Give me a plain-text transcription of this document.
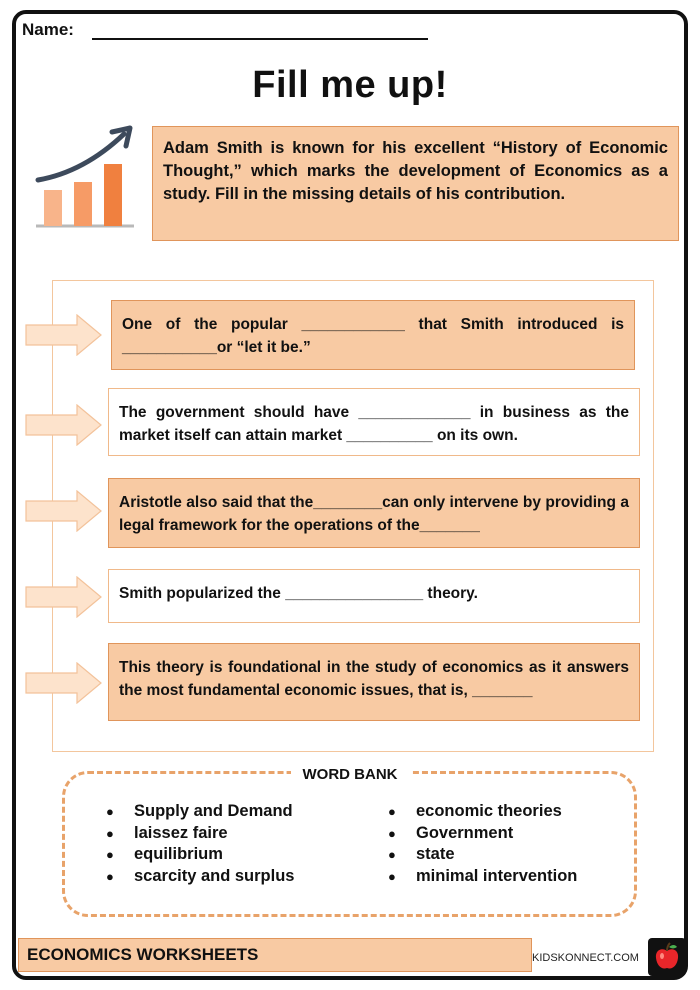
Name:
Fill me up!
Adam Smith is known for his excellent “History of Economic Thought,” which marks the development of Economics as a study. Fill in the missing details of his contribution.
One of the popular ____________ that Smith introduced is ___________or “let it be.”
The government should have _____________ in business as the market itself can attain market __________ on its own.
Aristotle also said that the________can only intervene by providing a legal framework for the operations of the_______
Smith popularized the ________________ theory.
This theory is foundational in the study of economics as it answers the most fundamental economic issues, that is, _______
WORD BANK
● Supply and Demand
● laissez faire
● equilibrium
● scarcity and surplus
● economic theories
● Government
● state
● minimal intervention
ECONOMICS WORKSHEETS	KIDSKONNECT.COM
